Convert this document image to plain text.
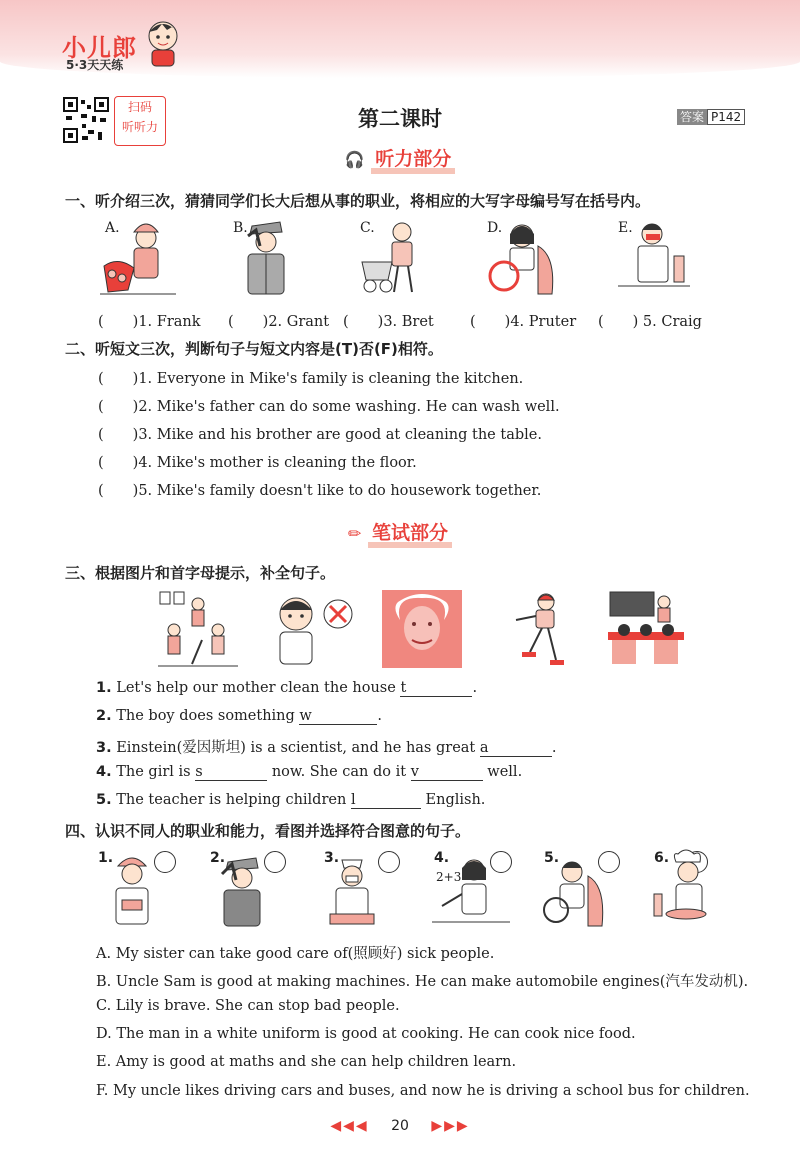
小儿郎
5·3天天练
扫码
听听力	第二课时	答案 P142
🎧 听力部分
一、听介绍三次，猜猜同学们长大后想从事的职业，将相应的大写字母编号写在括号内。
A.	B.	C.	D.	E.
(　　)1. Frank (　　)2. Grant (　　)3. Bret (　　)4. Pruter (　　) 5. Craig
二、听短文三次，判断句子与短文内容是(T)否(F)相符。
(　　)1. Everyone in Mike's family is cleaning the kitchen.
(　　)2. Mike's father can do some washing. He can wash well.
(　　)3. Mike and his brother are good at cleaning the table.
(　　)4. Mike's mother is cleaning the floor.
(　　)5. Mike's family doesn't like to do housework together.
✏ 笔试部分
三、根据图片和首字母提示，补全句子。
1. Let's help our mother clean the house t	.
2. The boy does something w	.
3. Einstein(爱因斯坦) is a scientist, and he has great a	.
4. The girl is s	now. She can do it v	well.
5. The teacher is helping children l	English.
四、认识不同人的职业和能力，看图并选择符合图意的句子。
1.	2.	3.	4.
2+3
5.	6.
A. My sister can take good care of(照顾好) sick people.
B. Uncle Sam is good at making machines. He can make automobile engines(汽车发动机).
C. Lily is brave. She can stop bad people.
D. The man in a white uniform is good at cooking. He can cook nice food.
E. Amy is good at maths and she can help children learn.
F. My uncle likes driving cars and buses, and now he is driving a school bus for children.
◀◀◀ 20 ▶▶▶
